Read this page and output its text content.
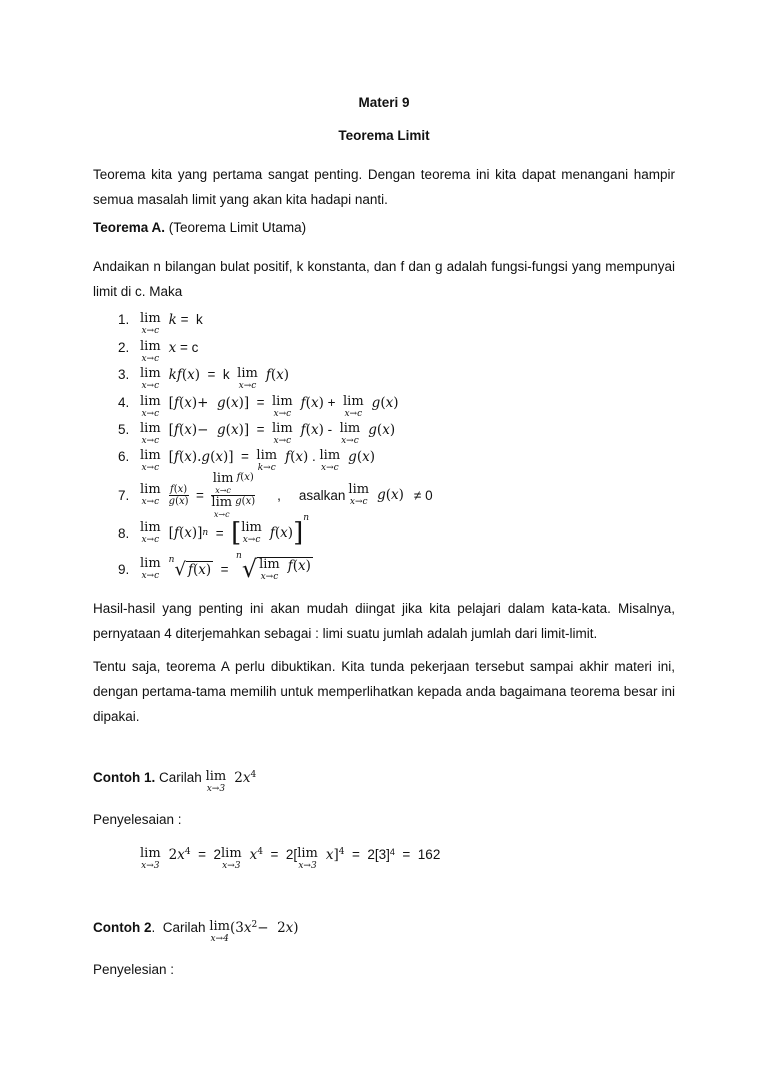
Materi 9
Teorema Limit
Teorema kita yang pertama sangat penting. Dengan teorema ini kita dapat menangani hampir semua masalah limit yang akan kita hadapi nanti.
Teorema A. (Teorema Limit Utama)
Andaikan n bilangan bulat positif, k konstanta, dan f dan g adalah fungsi-fungsi yang mempunyai limit di c. Maka
1. lim
x→c
k =  k
2. lim
x→c
x = c
3. lim
x→c
kf ( x ) =  k lim
x→c
f ( x )
4. lim
x→c
[ f ( x )+ g ( x )] = lim
x→c
f ( x ) + lim
x→c
g ( x )
5. lim
x→c
[ f ( x )− g ( x )] = lim
x→c
f ( x ) - lim
x→c
g ( x )
6. lim
x→c
[ f ( x ). g ( x )] = lim
k→c
f ( x ) . lim
x→c
g ( x )
7. lim
$x\to c \frac{f(x)}{g(x)} = \lim$
x→c

f ( x )
lim
x→c

g ( x ) , asalkan lim
x→c g ( x ) ≠ 0
8. lim
x→c [ f ( x )] n = [ lim
x→c f ( x ) ] n
9. lim
x→c
n √ f(x) =
n √ lim
x→c
f ( x )
Hasil-hasil yang penting ini akan mudah diingat jika kita pelajari dalam kata-kata. Misalnya, pernyataan 4 diterjemahkan sebagai : limi suatu jumlah adalah jumlah dari limit-limit.
Tentu saja, teorema A perlu dibuktikan. Kita tunda pekerjaan tersebut sampai akhir materi ini, dengan pertama-tama memilih untuk memperlihatkan kepada anda bagaimana teorema besar ini dipakai.
Contoh 1.
Carilah
lim
x→3
2 x 4
Penyelesaian :
lim
x→3
2 x 4 =  2 lim
x→3
x 4 =  2[ lim
x→3
x ] 4 =  2[3] 4 = 162
Contoh 2 . Carilah
lim
x→4
(3 x 2 −  2 x )
Penyelesian :
